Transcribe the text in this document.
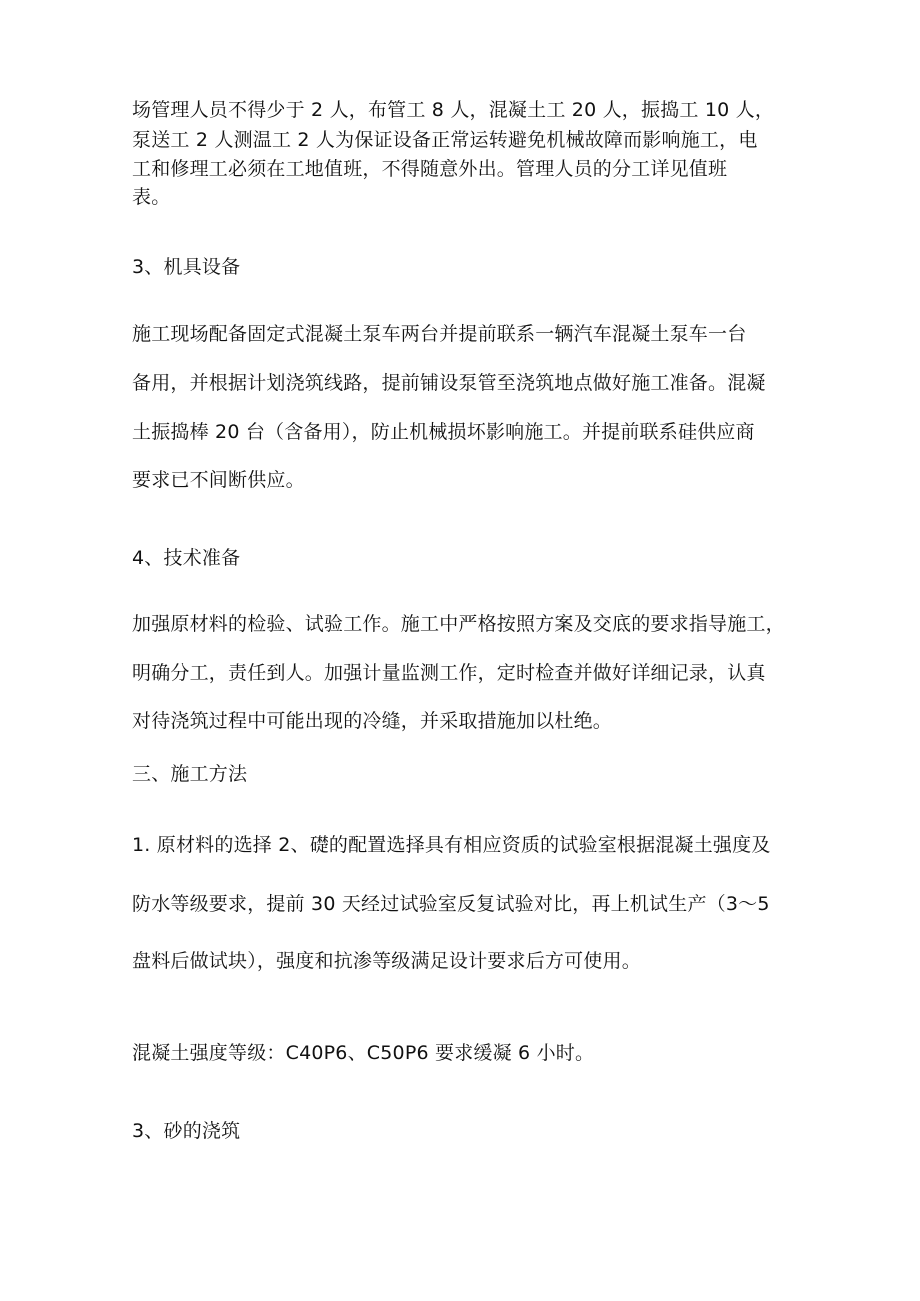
场管理人员不得少于 2 人，布管工 8 人，混凝土工 20 人，振捣工 10 人，
泵送工 2 人测温工 2 人为保证设备正常运转避免机械故障而影响施工，电
工和修理工必须在工地值班，不得随意外出。管理人员的分工详见值班
表。
3、机具设备
施工现场配备固定式混凝土泵车两台并提前联系一辆汽车混凝土泵车一台
备用，并根据计划浇筑线路，提前铺设泵管至浇筑地点做好施工准备。混凝
土振捣棒 20 台（含备用），防止机械损坏影响施工。并提前联系硅供应商
要求已不间断供应。
4、技术准备
加强原材料的检验、试验工作。施工中严格按照方案及交底的要求指导施工，
明确分工，责任到人。加强计量监测工作，定时检查并做好详细记录，认真
对待浇筑过程中可能出现的冷缝，并采取措施加以杜绝。
三、施工方法
1. 原材料的选择 2、礎的配置选择具有相应资质的试验室根据混凝土强度及
防水等级要求，提前 30 天经过试验室反复试验对比，再上机试生产（3～5
盘料后做试块），强度和抗渗等级满足设计要求后方可使用。
混凝土强度等级：C40P6、C50P6 要求缓凝 6 小时。
3、砂的浇筑
